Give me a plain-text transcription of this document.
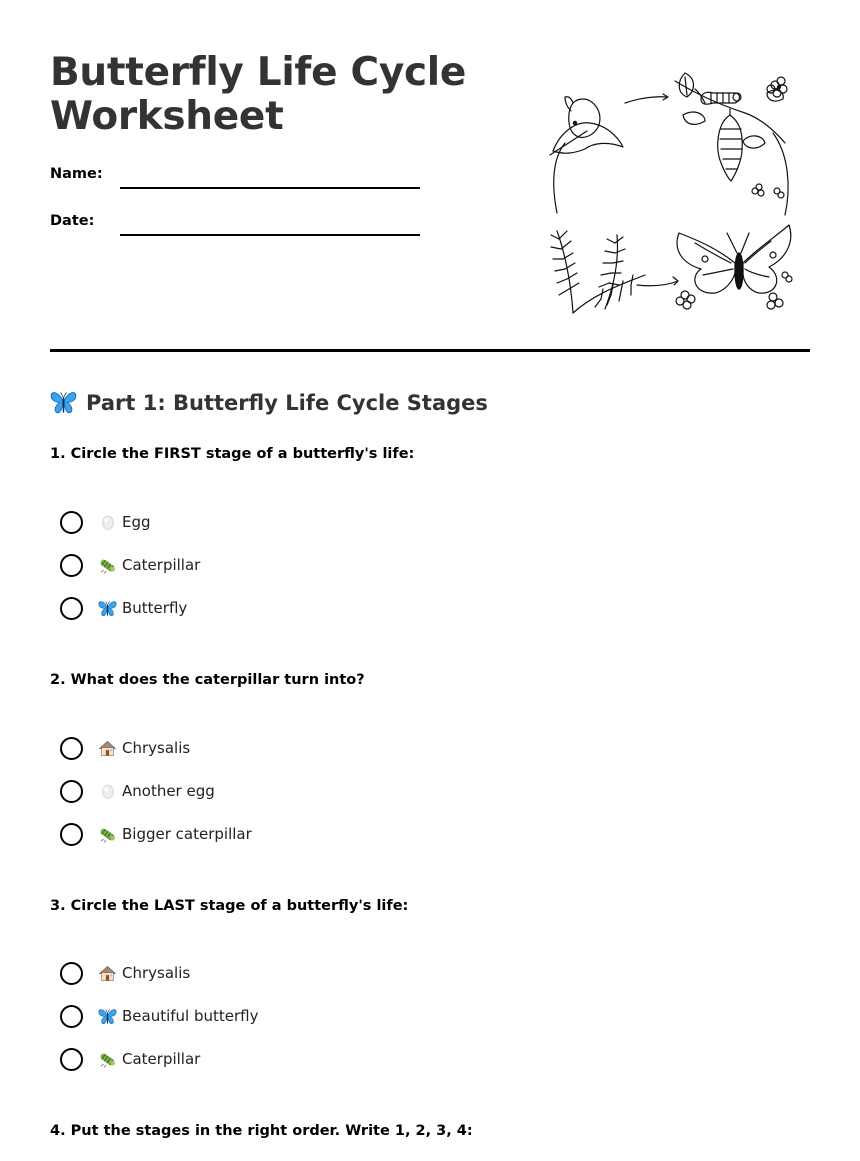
Butterfly Life Cycle
Worksheet
Name:
Date:
Part 1: Butterfly Life Cycle Stages

1. Circle the FIRST stage of a butterfly's life:

Egg
Caterpillar
Butterfly

2. What does the caterpillar turn into?

Chrysalis
Another egg
Bigger caterpillar

3. Circle the LAST stage of a butterfly's life:

Chrysalis
Beautiful butterfly
Caterpillar

4. Put the stages in the right order. Write 1, 2, 3, 4:
